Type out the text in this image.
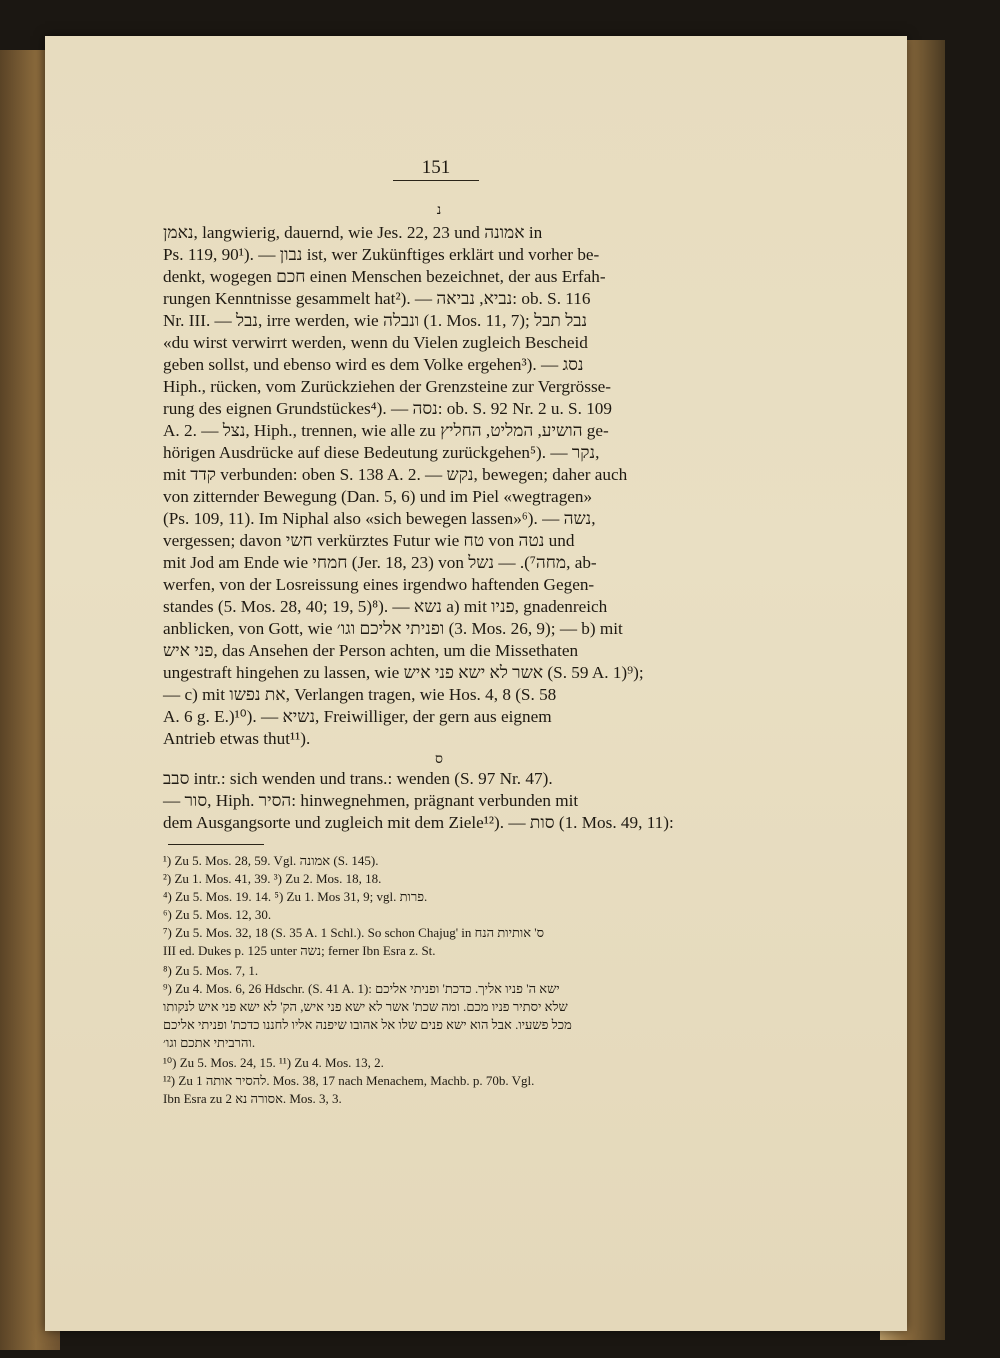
151
נ
ס
נאמן, langwierig, dauernd, wie Jes. 22, 23 und אמונה in
Ps. 119, 90¹). — נבון ist, wer Zukünftiges erklärt und vorher be-
denkt, wogegen חכם einen Menschen bezeichnet, der aus Erfah-
rungen Kenntnisse gesammelt hat²). — נביא, נביאה: ob. S. 116
Nr. III. — נבל, irre werden, wie ונבלה (1. Mos. 11, 7); נבל תבל
«du wirst verwirrt werden, wenn du Vielen zugleich Bescheid
geben sollst, und ebenso wird es dem Volke ergehen³). — נסג
Hiph., rücken, vom Zurückziehen der Grenzsteine zur Vergrösse-
rung des eignen Grundstückes⁴). — נסה: ob. S. 92 Nr. 2 u. S. 109
A. 2. — נצל, Hiph., trennen, wie alle zu הושיע, המליט, החליץ ge-
hörigen Ausdrücke auf diese Bedeutung zurückgehen⁵). — נקר,
mit קדד verbunden: oben S. 138 A. 2. — נקש, bewegen; daher auch
von zitternder Bewegung (Dan. 5, 6) und im Piel «wegtragen»
(Ps. 109, 11). Im Niphal also «sich bewegen lassen»⁶). — נשה,
vergessen; davon חשי verkürztes Futur wie טח von נטה und
mit Jod am Ende wie חמחי (Jer. 18, 23) von מחה⁷). — נשל, ab-
werfen, von der Losreissung eines irgendwo haftenden Gegen-
standes (5. Mos. 28, 40; 19, 5)⁸). — נשא a) mit פניו, gnadenreich
anblicken, von Gott, wie ופניתי אליכם וגו׳ (3. Mos. 26, 9); — b) mit
פני איש, das Ansehen der Person achten, um die Missethaten
ungestraft hingehen zu lassen, wie אשר לא ישא פני איש (S. 59 A. 1)⁹);
— c) mit את נפשו, Verlangen tragen, wie Hos. 4, 8 (S. 58
A. 6 g. E.)¹⁰). — נשיא, Freiwilliger, der gern aus eignem
Antrieb etwas thut¹¹).
סבב intr.: sich wenden und trans.: wenden (S. 97 Nr. 47).
— סור, Hiph. הסיר: hinwegnehmen, prägnant verbunden mit
dem Ausgangsorte und zugleich mit dem Ziele¹²). — סות (1. Mos. 49, 11):
¹) Zu 5. Mos. 28, 59. Vgl. אמונה (S. 145).
²) Zu 1. Mos. 41, 39. ³) Zu 2. Mos. 18, 18.
⁴) Zu 5. Mos. 19. 14. ⁵) Zu 1. Mos 31, 9; vgl. פרות.
⁶) Zu 5. Mos. 12, 30.
⁷) Zu 5. Mos. 32, 18 (S. 35 A. 1 Schl.). So schon Chajug' in ס' אותיות הנח
III ed. Dukes p. 125 unter נשה; ferner Ibn Esra z. St.
⁸) Zu 5. Mos. 7, 1.
⁹) Zu 4. Mos. 6, 26 Hdschr. (S. 41 A. 1): ישא ה' פניו אליך. כדכת' ופניתי אליכם
שלא יסתיר פניו מכם. ומה שכת' אשר לא ישא פני איש, הק' לא ישא פני איש לנקותו
מכל פשעיו. אבל הוא ישא פנים שלו אל אהובו שיפנה אליו לחננו כדכת' ופניתי אליכם
והרביתי אתכם וגו׳.
¹⁰) Zu 5. Mos. 24, 15. ¹¹) Zu 4. Mos. 13, 2.
¹²) Zu להסיר אותה 1. Mos. 38, 17 nach Menachem, Machb. p. 70b. Vgl.
Ibn Esra zu אסורה נא 2. Mos. 3, 3.
